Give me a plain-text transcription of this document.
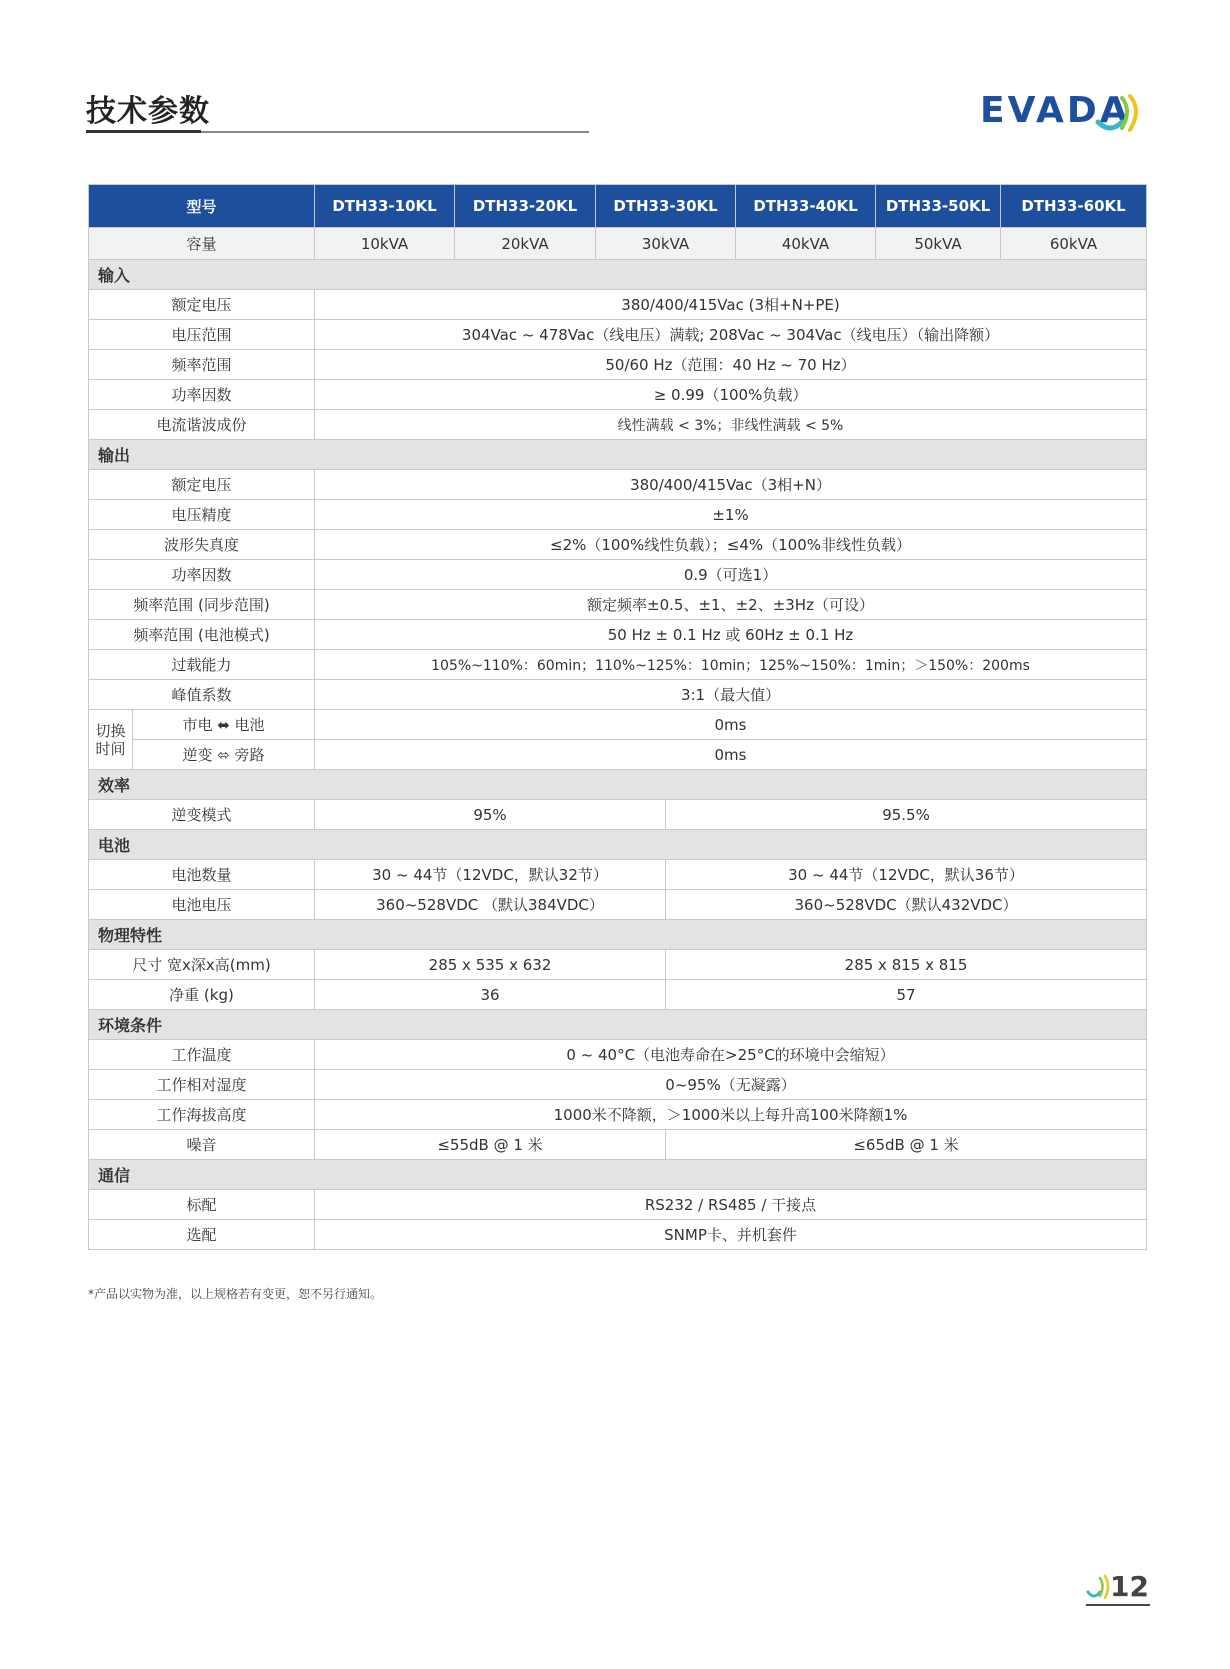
技术参数	EVADA
型号		DTH33-10KL	DTH33-20KL	DTH33-30KL		DTH33-40KL	DTH33-50KL	DTH33-60KL
容量		10kVA	20kVA	30kVA		40kVA	50kVA	60kVA
输入								
额定电压		380/400/415Vac (3相+N+PE)						
电压范围		304Vac ~ 478Vac（线电压）满载; 208Vac ~ 304Vac（线电压）（输出降额）						
频率范围		50/60 Hz（范围：40 Hz ~ 70 Hz）						
功率因数		≥ 0.99（100%负载）						
电流谐波成份		线性满载 < 3%；非线性满载 < 5%						
输出								
额定电压		380/400/415Vac（3相+N）						
电压精度		±1%						
波形失真度		≤2%（100%线性负载）；≤4%（100%非线性负载）						
功率因数		0.9（可选1）						
频率范围 (同步范围)		额定频率±0.5、±1、±2、±3Hz（可设）						
频率范围 (电池模式)		50 Hz ± 0.1 Hz 或 60Hz ± 0.1 Hz						
过载能力		105%~110%：60min；110%~125%：10min；125%~150%：1min；＞150%：200ms						
峰值系数		3:1（最大值）						

切换
时间	市电 ⬌ 电池	0ms						
	逆变 ⬄ 旁路	0ms						
效率								
逆变模式		95%			95.5%			
电池								
电池数量		30 ~ 44节（12VDC，默认32节）			30 ~ 44节（12VDC，默认36节）			
电池电压		360~528VDC （默认384VDC）			360~528VDC（默认432VDC）			
物理特性								
尺寸 宽x深x高(mm)		285 x 535 x 632			285 x 815 x 815			
净重 (kg)		36			57			
环境条件								
工作温度		0 ~ 40°C（电池寿命在>25°C的环境中会缩短）						
工作相对湿度		0~95%（无凝露）						
工作海拔高度		1000米不降额，＞1000米以上每升高100米降额1%						
噪音		≤55dB @ 1 米			≤65dB @ 1 米			
通信								
标配		RS232 / RS485 / 干接点						
选配		SNMP卡、并机套件						
*产品以实物为准，以上规格若有变更，恕不另行通知。
12
